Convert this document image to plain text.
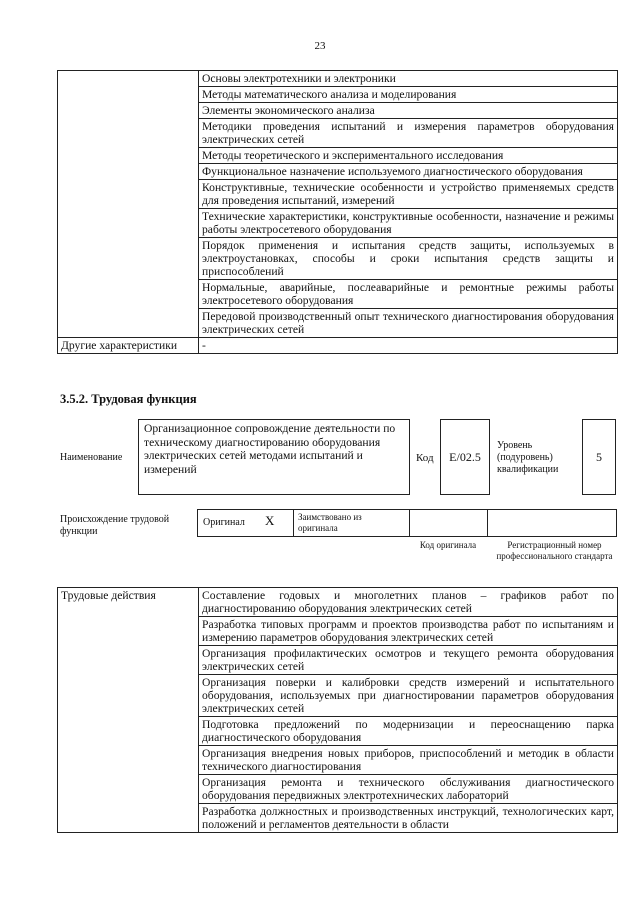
23
	Основы электротехники и электроники
	Методы математического анализа и моделирования
	Элементы экономического анализа
	Методики проведения испытаний и измерения параметров оборудования электрических сетей
	Методы теоретического и экспериментального исследования
	Функциональное назначение используемого диагностического оборудования
	Конструктивные, технические особенности и устройство применяемых средств для проведения испытаний, измерений
	Технические характеристики, конструктивные особенности, назначение и режимы работы электросетевого оборудования
	Порядок применения и испытания средств защиты, используемых в электроустановках, способы и сроки испытания средств защиты и приспособлений
	Нормальные, аварийные, послеаварийные и ремонтные режимы работы электросетевого оборудования
	Передовой производственный опыт технического диагностирования оборудования электрических сетей
Другие характеристики	-
3.5.2. Трудовая функция
Наименование
Организационное сопровождение деятельности по техническому диагностированию оборудования электрических сетей методами испытаний и измерений
Код	E/02.5
Уровень (подуровень) квалификации
5
Происхождение трудовой функции
Оригинал X	Заимствовано из оригинала
Код оригинала	Регистрационный номер профессионального стандарта
Трудовые действия	Составление годовых и многолетних планов – графиков работ по диагностированию оборудования электрических сетей
Разработка типовых программ и проектов производства работ по испытаниям и измерению параметров оборудования электрических сетей
Организация профилактических осмотров и текущего ремонта оборудования электрических сетей
Организация поверки и калибровки средств измерений и испытательного оборудования, используемых при диагностировании параметров оборудования электрических сетей
Подготовка предложений по модернизации и переоснащению парка диагностического оборудования
Организация внедрения новых приборов, приспособлений и методик в области технического диагностирования
Организация ремонта и технического обслуживания диагностического оборудования передвижных электротехнических лабораторий
Разработка должностных и производственных инструкций, технологических карт, положений и регламентов деятельности в области
